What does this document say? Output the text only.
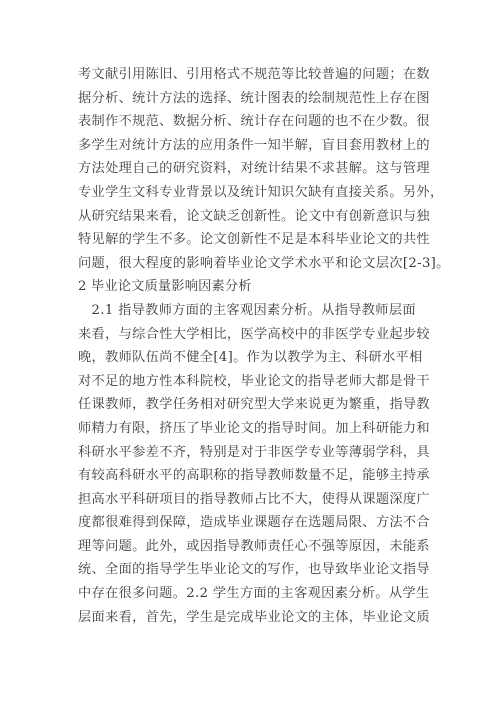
考文献引用陈旧、引用格式不规范等比较普遍的问题；在数
据分析、统计方法的选择、统计图表的绘制规范性上存在图
表制作不规范、数据分析、统计存在问题的也不在少数。很
多学生对统计方法的应用条件一知半解，盲目套用教材上的
方法处理自己的研究资料，对统计结果不求甚解。这与管理
专业学生文科专业背景以及统计知识欠缺有直接关系。另外，
从研究结果来看，论文缺乏创新性。论文中有创新意识与独
特见解的学生不多。论文创新性不足是本科毕业论文的共性
问题，很大程度的影响着毕业论文学术水平和论文层次[2-3]。
2 毕业论文质量影响因素分析
　2.1 指导教师方面的主客观因素分析。从指导教师层面
来看，与综合性大学相比，医学高校中的非医学专业起步较
晚，教师队伍尚不健全[4]。作为以教学为主、科研水平相
对不足的地方性本科院校，毕业论文的指导老师大都是骨干
任课教师，教学任务相对研究型大学来说更为繁重，指导教
师精力有限，挤压了毕业论文的指导时间。加上科研能力和
科研水平参差不齐，特别是对于非医学专业等薄弱学科，具
有较高科研水平的高职称的指导教师数量不足，能够主持承
担高水平科研项目的指导教师占比不大，使得从课题深度广
度都很难得到保障，造成毕业课题存在选题局限、方法不合
理等问题。此外，或因指导教师责任心不强等原因，未能系
统、全面的指导学生毕业论文的写作，也导致毕业论文指导
中存在很多问题。2.2 学生方面的主客观因素分析。从学生
层面来看，首先，学生是完成毕业论文的主体，毕业论文质
